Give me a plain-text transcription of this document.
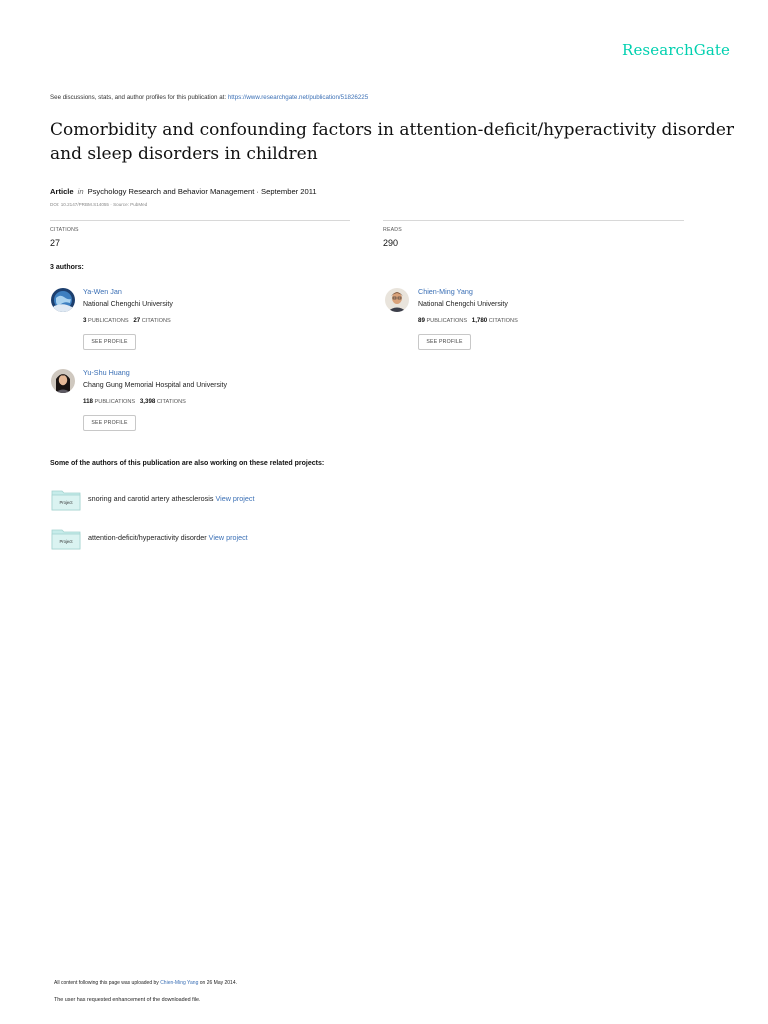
ResearchGate
See discussions, stats, and author profiles for this publication at: https://www.researchgate.net/publication/51826225
Comorbidity and confounding factors in attention-deficit/hyperactivity disorder and sleep disorders in children
Article in Psychology Research and Behavior Management · September 2011
DOI: 10.2147/PRBM.S14055 · Source: PubMed
CITATIONS
27
READS
290
3 authors:
Ya-Wen Jan
National Chengchi University
3 PUBLICATIONS 27 CITATIONS
SEE PROFILE
Chien-Ming Yang
National Chengchi University
89 PUBLICATIONS 1,780 CITATIONS
SEE PROFILE
Yu-Shu Huang
Chang Gung Memorial Hospital and University
118 PUBLICATIONS 3,398 CITATIONS
SEE PROFILE
Some of the authors of this publication are also working on these related projects:
Project snoring and carotid artery athesclerosis View project
Project attention-deficit/hyperactivity disorder View project
All content following this page was uploaded by Chien-Ming Yang on 26 May 2014.
The user has requested enhancement of the downloaded file.
